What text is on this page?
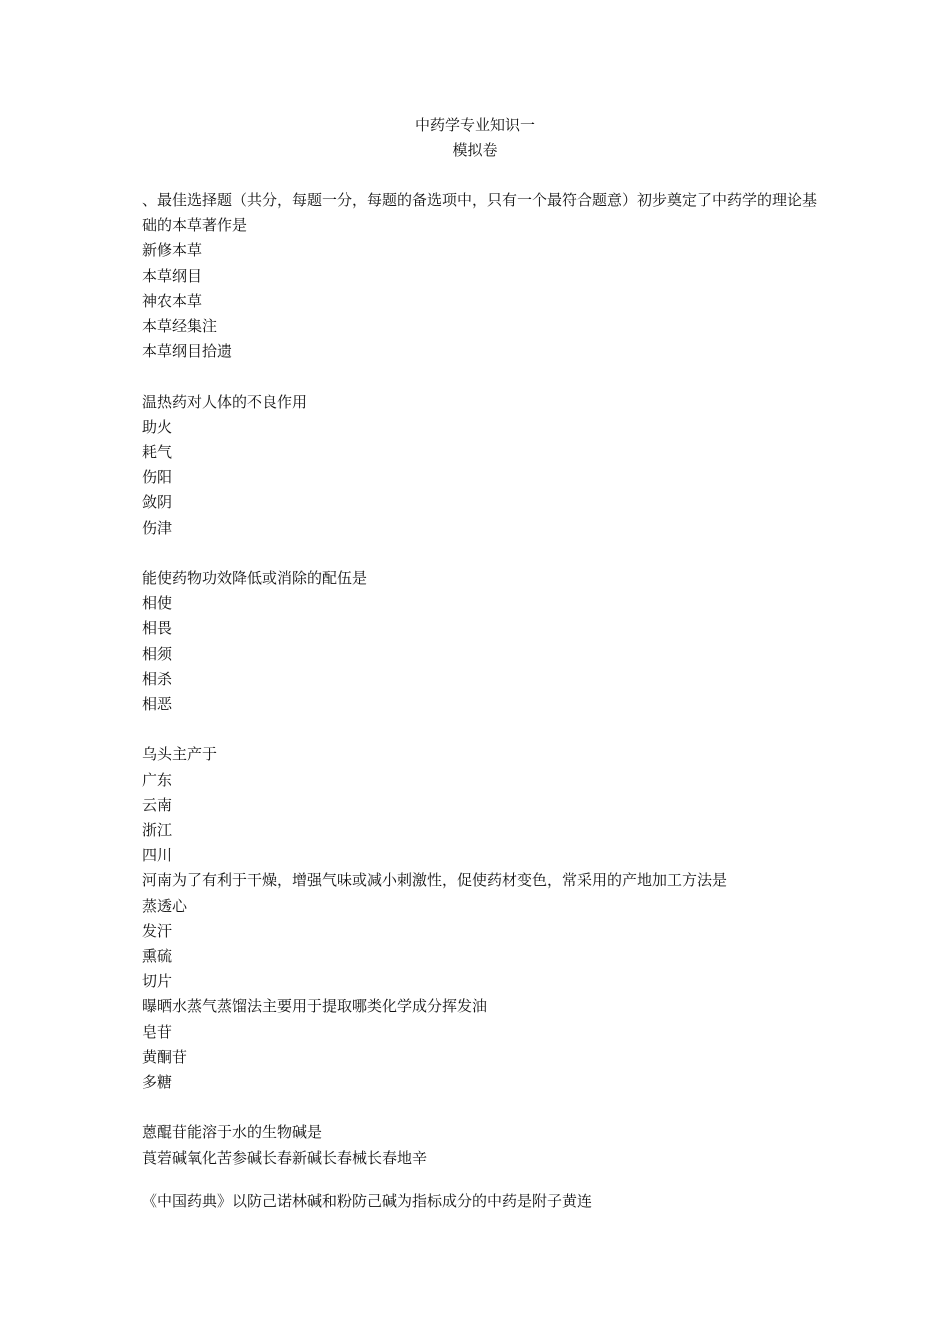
中药学专业知识一
模拟卷
、最佳选择题（共分，每题一分，每题的备选项中，只有一个最符合题意）初步奠定了中药学的理论基础的本草著作是
新修本草
本草纲目
神农本草
本草经集注
本草纲目拾遗
温热药对人体的不良作用
助火
耗气
伤阳
敛阴
伤津
能使药物功效降低或消除的配伍是
相使
相畏
相须
相杀
相恶
乌头主产于
广东
云南
浙江
四川
河南为了有利于干燥，增强气味或减小刺激性，促使药材变色，常采用的产地加工方法是
蒸透心
发汗
熏硫
切片
曝晒水蒸气蒸馏法主要用于提取哪类化学成分挥发油
皂苷
黄酮苷
多糖
蒽醌苷能溶于水的生物碱是
莨菪碱氧化苦参碱长春新碱长春械长春地辛
《中国药典》以防己诺林碱和粉防己碱为指标成分的中药是附子黄连
